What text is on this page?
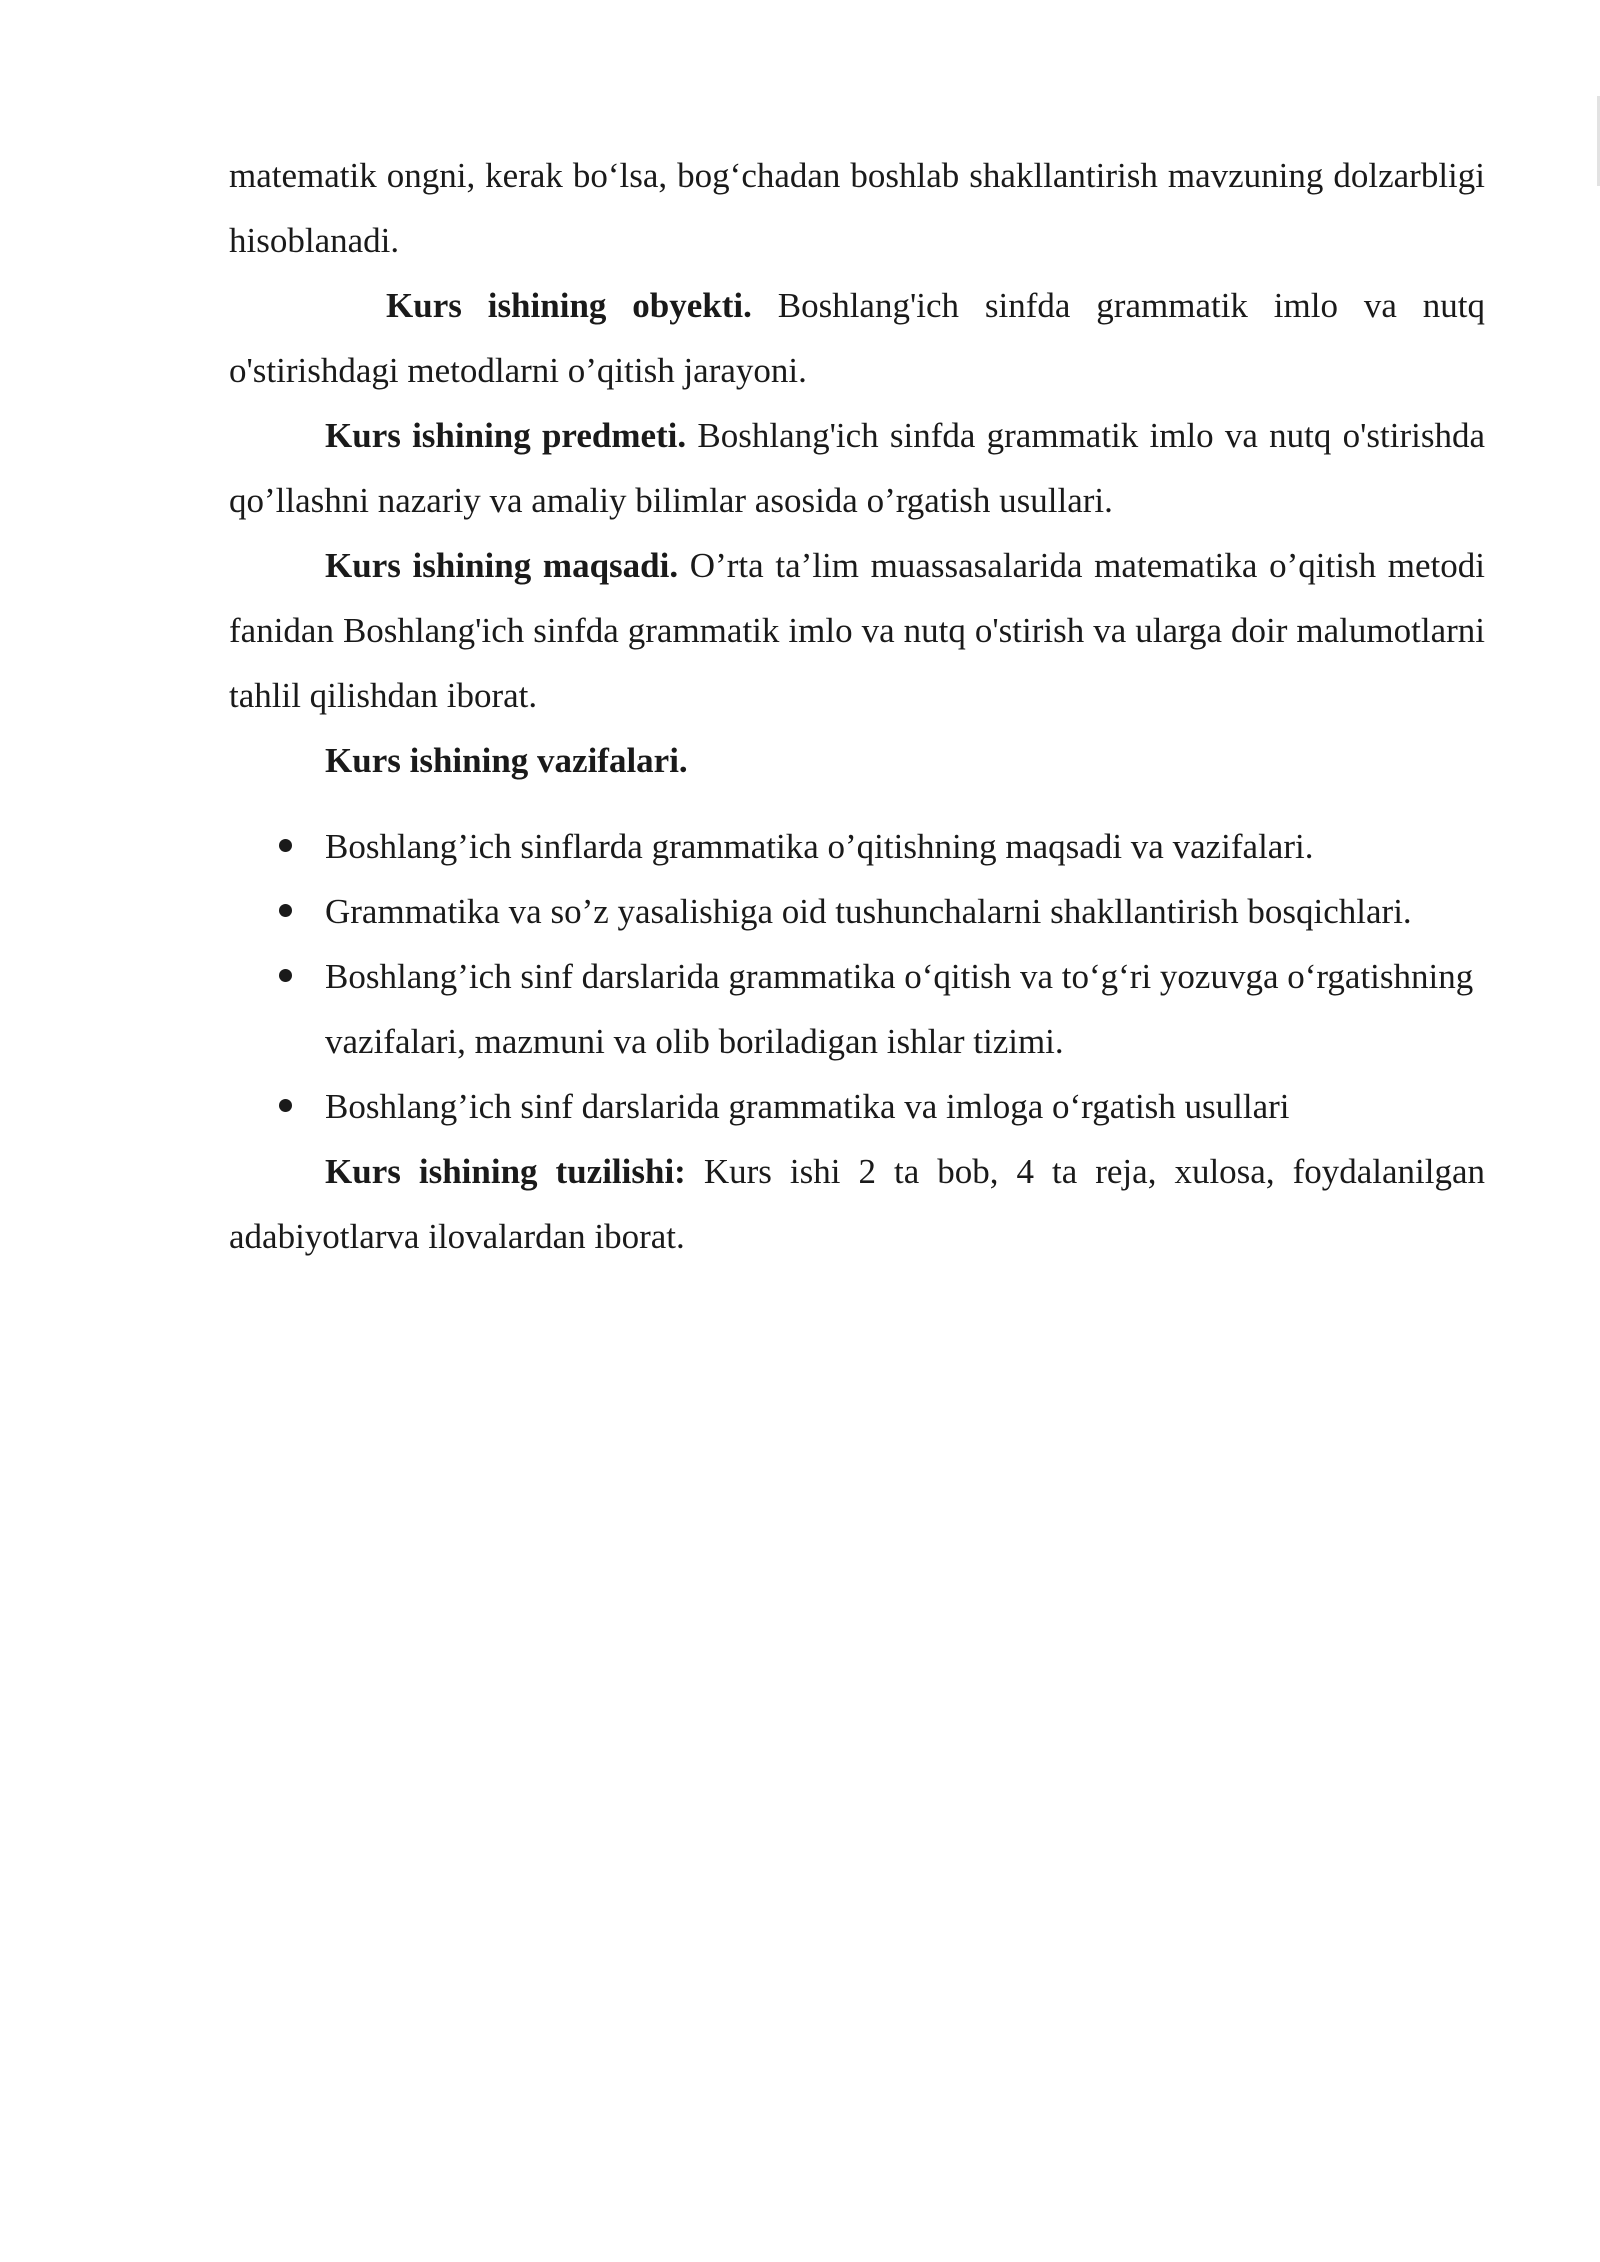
matematik ongni, kerak bo‘lsa, bog‘chadan boshlab shakllantirish mavzuning dolzarbligi hisoblanadi.

Kurs ishining obyekti. Boshlang'ich sinfda grammatik imlo va nutq o'stirishdagi metodlarni o’qitish jarayoni.

Kurs ishining predmeti. Boshlang'ich sinfda grammatik imlo va nutq o'stirishda qo’llashni nazariy va amaliy bilimlar asosida o’rgatish usullari.

Kurs ishining maqsadi. O’rta ta’lim muassasalarida matematika o’qitish metodi fanidan Boshlang'ich sinfda grammatik imlo va nutq o'stirish va ularga doir malumotlarni tahlil qilishdan iborat.

Kurs ishining vazifalari.

Boshlang’ich sinflarda grammatika o’qitishning maqsadi va vazifalari.
Grammatika va so’z yasalishiga oid tushunchalarni shakllantirish bosqichlari.
Boshlang’ich sinf darslarida grammatika o‘qitish va to‘g‘ri yozuvga o‘rgatishning vazifalari, mazmuni va olib boriladigan ishlar tizimi.
Boshlang’ich sinf darslarida grammatika va imloga o‘rgatish usullari

Kurs ishining tuzilishi: Kurs ishi 2 ta bob, 4 ta reja, xulosa, foydalanilgan adabiyotlarva ilovalardan iborat.
